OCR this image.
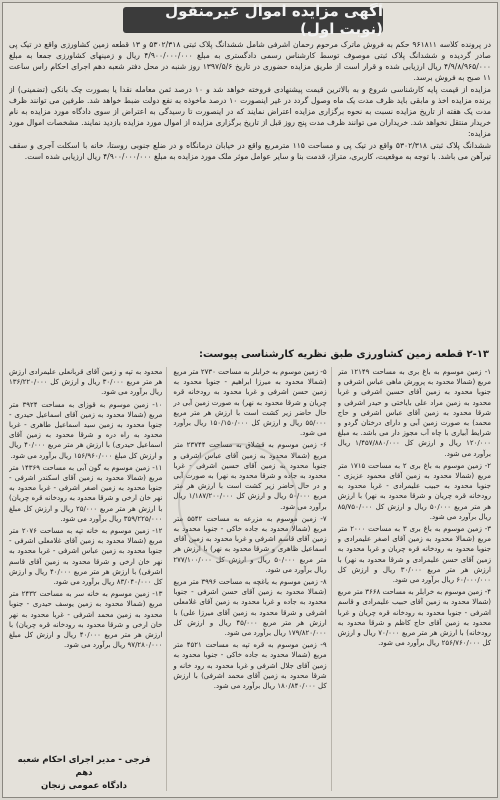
آگهی مزایده اموال غیرمنقول (نوبت اول)

در پرونده کلاسه ۹۶۱۸۱۱ حکم به فروش ماترک مرحوم رحمان اشرفی شامل ششدانگ پلاک ثبتی ۵۳۰۲/۳۱۸ و ۱۳ قطعه زمین کشاورزی واقع در تیک پی صادر گردیده و ششدانگ پلاک ثبتی موصوف توسط کارشناس رسمی دادگستری به مبلغ ۴/۹۰۰/۰۰۰/۰۰۰ ریال و زمینهای کشاورزی جمعا به مبلغ ۴/۹/۸/۹۶۵/۰۰۰ ریال ارزیابی شده و قرار است از طریق مزایده حضوری در تاریخ ۱۳۹۷/۵/۶ روز شنبه در محل دفتر شعبه دهم اجرای احکام راس ساعت ۱۱ صبح به فروش برسد.

مزایده از قیمت پایه کارشناسی شروع و به بالاترین قیمت پیشنهادی فروخته خواهد شد و ۱۰ درصد ثمن معامله نقدا یا بصورت چک بانکی (تضمینی) از برنده مزایده اخذ و مابقی باید ظرف مدت یک ماه وصول گردد در غیر اینصورت ۱۰ درصد ماخوذه به نفع دولت ضبط خواهد شد. طرفین می توانند ظرف مدت یک هفته از تاریخ مزایده نسبت به نحوه برگزاری مزایده اعتراض نمایند که در اینصورت تا رسیدگی به اعتراض از سوی دادگاه مورد مزایده به نام خریدار منتقل نخواهد شد. خریداران می توانند ظرف مدت پنج روز قبل از تاریخ برگزاری مزایده از اموال مورد مزایده بازدید نمایند. مشخصات اموال مورد مزایده:

ششدانگ پلاک ثبتی ۵۳۰۲/۳۱۸ واقع در تیک پی و مساحت ۱۱۵ مترمربع واقع در خیابان درمانگاه و در ضلع جنوبی روستا، خانه با اسکلت آجری و سقف تیرآهن می باشد. با توجه به موقعیت، کاربری، متراژ، قدمت بنا و سایر عوامل موثر ملک مورد مزایده به مبلغ ۴/۹۰۰/۰۰۰/۰۰۰ ریال ارزیابی شده است.

۲-۱۳ قطعه زمین کشاورزی طبق نظریه کارشناسی پیوست:

۱- زمین موسوم به باغ بری به مساحت ۱۲۱۴۹ متر مربع (شمالا محدود به پرورش ماهی عباس اشرفی و جنوبا محدود به زمین آقای حسین اشرفی و غربا محدود به زمین مراد علی بایاختی و حیدر اشرفی و شرقا محدود به زمین آقای عباس اشرفی و حاج محمد) به صورت زمین آبی و دارای درختان گردو و شرایط آبیاری با چاه آب مجوز دار می باشد. به مبلغ ۱۲۰/۰۰۰ ریال و ارزش کل ۱/۴۵۷/۸۸۰/۰۰۰ ریال برآورد می شود.

۲- زمین موسوم به باغ بری ۲ به مساحت ۱۷۱۵ متر مربع (شمالا محدود به زمین آقای محمود عزیزی - جنوبا محدود به حبیب علیمرادی - غربا محدود به رودخانه قره چریان و شرقا محدود به نهر) با ارزش هر متر مربع ۵۰/۰۰۰ ریال و ارزش کل ۸۵/۷۵۰/۰۰۰ ریال برآورد می شود.

۳- زمین موسوم به باغ بری ۳ به مساحت ۲۰۰۰ متر مربع (شمالا محدود به زمین آقای اصغر علیمرادی و جنوبا محدود به رودخانه قره چریان و غربا محدود به زمین آقای حسن علیمرادی و شرقا محدود به نهر) با ارزش هر متر مربع ۳۰/۰۰۰ ریال و ارزش کل ۶۰/۰۰۰/۰۰۰ ریال برآورد می شود.

۴- زمین موسوم به خرابلر به مساحت ۳۶۶۸ متر مربع (شمالا محدود به زمین آقای حبیب علیمرادی و قاسم اشرفی - جنوبا محدود به رودخانه قره چریان و غربا محدود به زمین آقای حاج کاظم و شرقا محدود به رودخانه) با ارزش هر متر مربع ۷۰/۰۰۰ ریال و ارزش کل ۲۵۶/۷۶۰/۰۰۰ ریال برآورد می شود.

۵- زمین موسوم به خرابلر به مساحت ۲۷۳۰ متر مربع (شمالا محدود به میرزا ابراهیم - جنوبا محدود به زمین حسن اشرفی و غربا محدود به رودخانه قره چریان و شرقا محدود به نهر) به صورت زمین آبی در حال حاضر زیر کشت است با ارزش هر متر مربع ۵۵/۰۰۰ ریال و ارزش کل ۱۵۰/۱۵۰/۰۰۰ ریال برآورد می شود.

۶- زمین موسوم به قشلاق به مساحت ۲۳۷۴۴ متر مربع (شمالا محدود به زمین آقای عباس اشرفی و جنوبا محدود به زمین آقای حسین اشرفی - غربا محدود به جاده و شرقا محدود به نهر) به صورت آبی و در حال حاضر زیر کشت است با ارزش هر متر مربع ۵۰/۰۰۰ ریال و ارزش کل ۱/۱۸۷/۲۰۰/۰۰۰ ریال برآورد می شود.

۷- زمین موسوم به مزرعه به مساحت ۵۵۴۲ متر مربع (شمالا محدود به جاده خاکی - جنوبا محدود به زمین آقای قاسم اشرفی و غربا محدود به زمین آقای اسماعیل ظاهری و شرقا محدود به نهر) با ارزش هر متر مربع ۵۰/۰۰۰ ریال و ارزش کل ۲۷۷/۱۰۰/۰۰۰ ریال برآورد می شود.

۸- زمین موسوم به باغچه به مساحت ۳۹۹۶ متر مربع (شمالا محدود به زمین آقای حسن اشرفی - جنوبا محدود به جاده و غربا محدود به زمین آقای غلامعلی اشرفی و شرقا محدود به زمین آقای میرزا علی) با ارزش هر متر مربع ۴۵/۰۰۰ ریال و ارزش کل ۱۷۹/۸۲۰/۰۰۰ ریال برآورد می شود.

۹- زمین موسوم به قره تپه به مساحت ۴۵۲۱ متر مربع (شمالا محدود به جاده خاکی - جنوبا محدود به زمین آقای جلال اشرفی و غربا محدود به رود خانه و شرقا محدود به زمین آقای محمد اشرفی) با ارزش کل ۱۸۰/۸۴۰/۰۰۰ ریال برآورد می شود.

محدود به تپه و زمین آقای قربانعلی علیمرادی ارزش هر متر مربع ۳۰/۰۰۰ ریال و ارزش کل ۱۳۶/۲۲۰/۰۰۰ ریال برآورد می شود.

۱۰- زمین موسوم به قوزای به مساحت ۳۹۲۴ متر مربع (شمالا محدود به زمین آقای اسماعیل حیدری - جنوبا محدود به زمین سید اسماعیل طاهری - غربا محدود به راه دره و شرقا محدود به زمین آقای اسماعیل حیدری) با ارزش هر متر مربع ۴۰/۰۰۰ ریال و ارزش کل مبلغ ۱۵۶/۹۶۰/۰۰۰ ریال برآورد می شود.

۱۱- زمین موسوم به گون آبی به مساحت ۱۴۳۶۹ متر مربع (شمالا محدود به زمین آقای اسکندر اشرفی - جنوبا محدود به زمین اصغر اشرفی - غربا محدود به نهر خان ارخی و شرقا محدود به رودخانه قره چریان) با ارزش هر متر مربع ۲۵/۰۰۰ ریال و ارزش کل مبلغ ۳۵۹/۲۲۵/۰۰۰ ریال برآورد می شود.

۱۲- زمین موسوم به خانه تپه به مساحت ۲۰۷۶ متر مربع (شمالا محدود به زمین آقای غلامعلی اشرفی - جنوبا محدود به زمین عباس اشرفی - غربا محدود به نهر خان ارخی و شرقا محدود به زمین آقای قاسم اشرفی) با ارزش هر متر مربع ۴۰/۰۰۰ ریال و ارزش کل ۸۳/۰۴۰/۰۰۰ ریال برآورد می شود.

۱۳- زمین موسوم به خانه سر به مساحت ۲۴۳۲ متر مربع (شمالا محدود به زمین یوسف حیدری - جنوبا محدود به زمین محمد اشرفی - غربا محدود به نهر خان ارخی و شرقا محدود به رودخانه قره چریان) با ارزش هر متر مربع ۴۰/۰۰۰ ریال و ارزش کل مبلغ ۹۷/۲۸۰/۰۰۰ ریال برآورد می شود.

فرجی - مدیر اجرای احکام شعبه دهم
دادگاه عمومی زنجان
